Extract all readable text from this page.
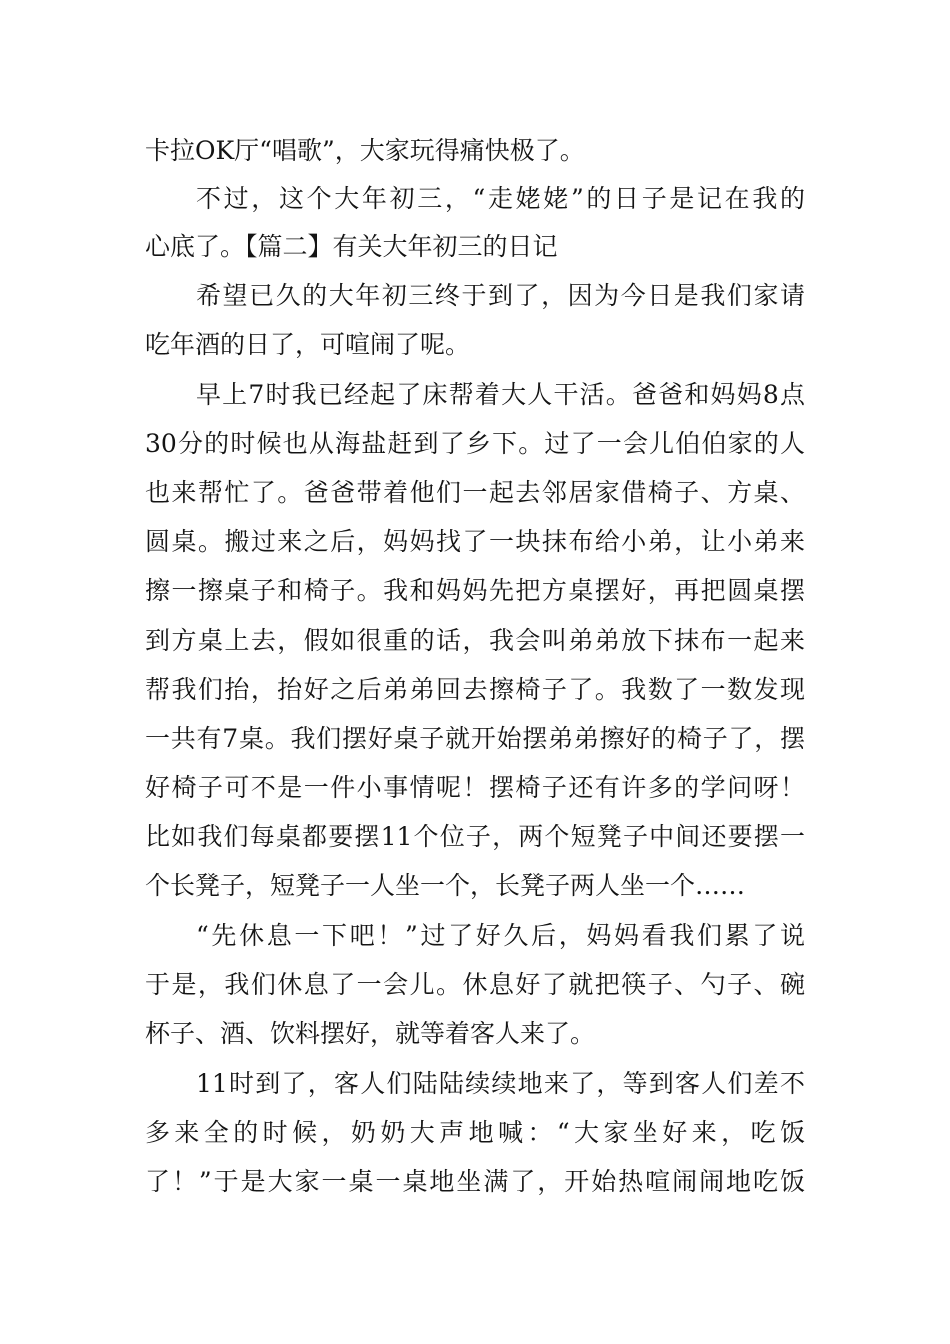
卡拉OK厅“唱歌”，大家玩得痛快极了。
不过，这个大年初三，“走姥姥”的日子是记在我的
心底了。【篇二】有关大年初三的日记
希望已久的大年初三终于到了，因为今日是我们家请
吃年酒的日了，可喧闹了呢。
早上7时我已经起了床帮着大人干活。爸爸和妈妈8点
30分的时候也从海盐赶到了乡下。过了一会儿伯伯家的人
也来帮忙了。爸爸带着他们一起去邻居家借椅子、方桌、
圆桌。搬过来之后，妈妈找了一块抹布给小弟，让小弟来
擦一擦桌子和椅子。我和妈妈先把方桌摆好，再把圆桌摆
到方桌上去，假如很重的话，我会叫弟弟放下抹布一起来
帮我们抬，抬好之后弟弟回去擦椅子了。我数了一数发现
一共有7桌。我们摆好桌子就开始摆弟弟擦好的椅子了，摆
好椅子可不是一件小事情呢！摆椅子还有许多的学问呀！
比如我们每桌都要摆11个位子，两个短凳子中间还要摆一
个长凳子，短凳子一人坐一个，长凳子两人坐一个……
“先休息一下吧！”过了好久后，妈妈看我们累了说
于是，我们休息了一会儿。休息好了就把筷子、勺子、碗
杯子、酒、饮料摆好，就等着客人来了。
11时到了，客人们陆陆续续地来了，等到客人们差不
多来全的时候，奶奶大声地喊：“大家坐好来，吃饭
了！”于是大家一桌一桌地坐满了，开始热喧闹闹地吃饭
